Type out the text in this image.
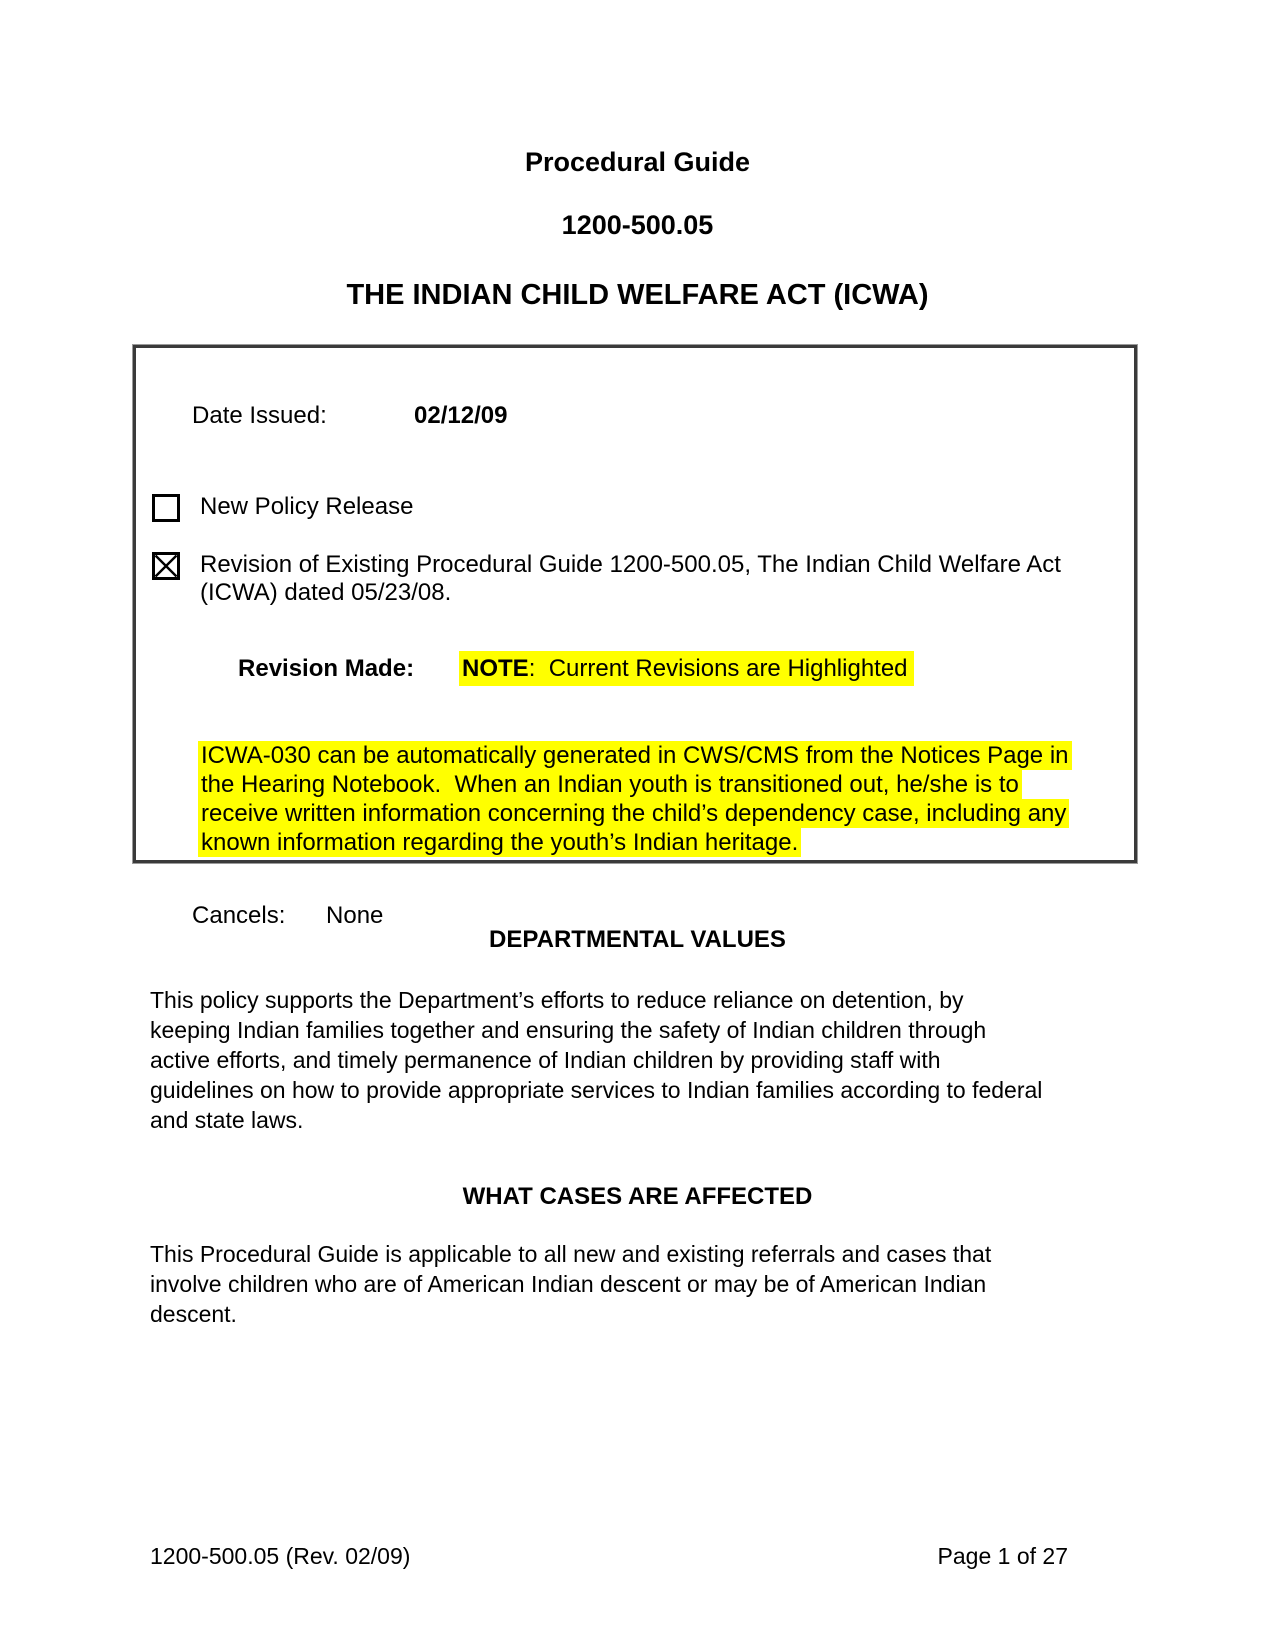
Procedural Guide
1200-500.05
THE INDIAN CHILD WELFARE ACT (ICWA)

Date Issued:	02/12/09

New Policy Release
Revision of Existing Procedural Guide 1200-500.05, The Indian Child Welfare Act
(ICWA) dated 05/23/08.

Revision Made: NOTE:  Current Revisions are Highlighted

ICWA-030 can be automatically generated in CWS/CMS from the Notices Page in
the Hearing Notebook.  When an Indian youth is transitioned out, he/she is to
receive written information concerning the child’s dependency case, including any
known information regarding the youth’s Indian heritage.

Cancels: None

DEPARTMENTAL VALUES
This policy supports the Department’s efforts to reduce reliance on detention, by
keeping Indian families together and ensuring the safety of Indian children through
active efforts, and timely permanence of Indian children by providing staff with
guidelines on how to provide appropriate services to Indian families according to federal
and state laws.
WHAT CASES ARE AFFECTED
This Procedural Guide is applicable to all new and existing referrals and cases that
involve children who are of American Indian descent or may be of American Indian
descent.
1200-500.05 (Rev. 02/09)	Page 1 of 27
